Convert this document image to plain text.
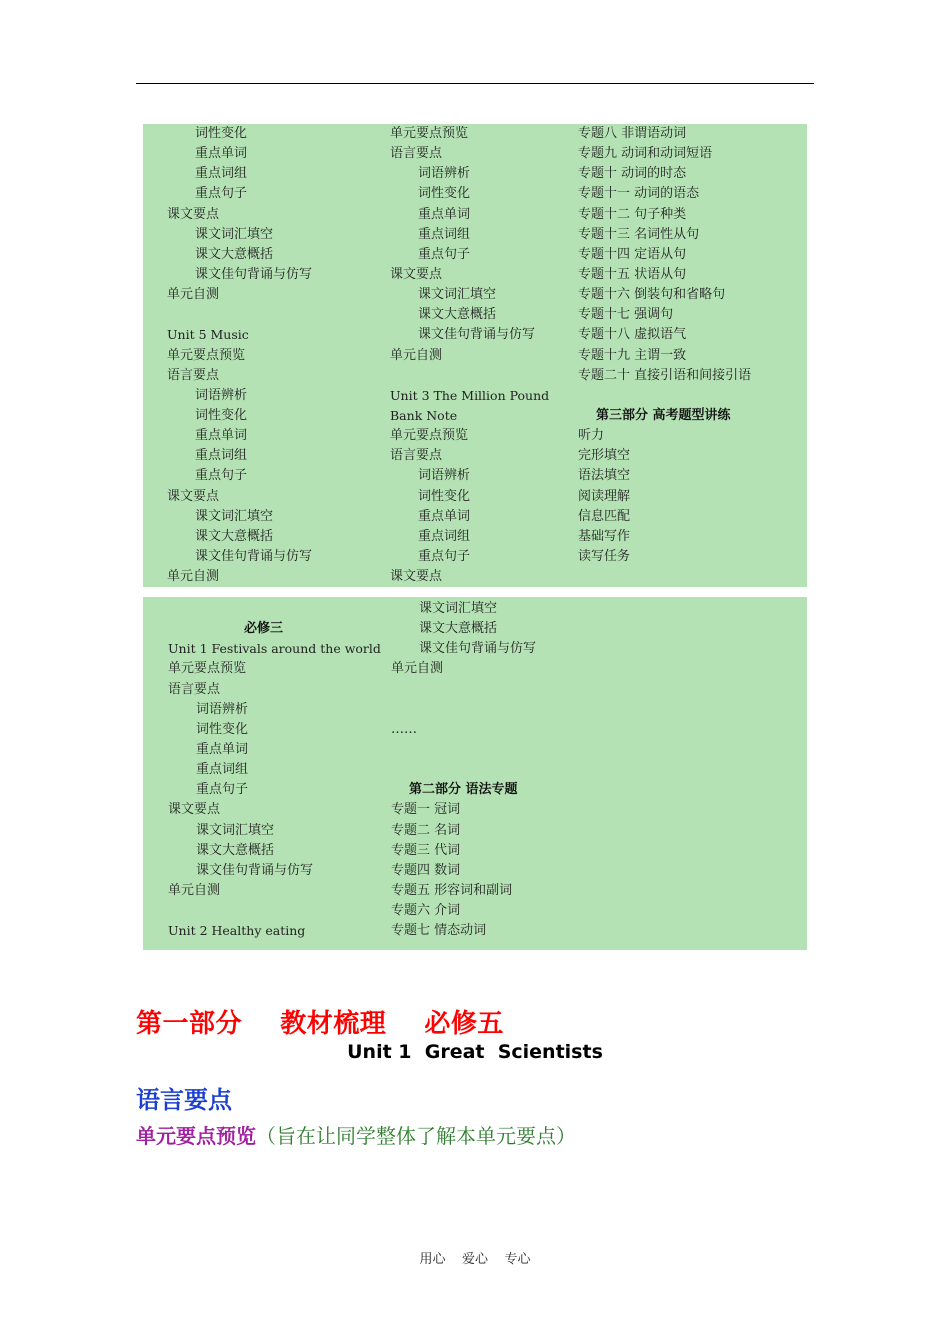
词性变化
重点单词
重点词组
重点句子
课文要点
课文词汇填空
课文大意概括
课文佳句背诵与仿写
单元自测
Unit 5 Music
单元要点预览
语言要点
词语辨析
词性变化
重点单词
重点词组
重点句子
课文要点
课文词汇填空
课文大意概括
课文佳句背诵与仿写
单元自测
单元要点预览
语言要点
词语辨析
词性变化
重点单词
重点词组
重点句子
课文要点
课文词汇填空
课文大意概括
课文佳句背诵与仿写
单元自测
Unit 3 The Million Pound
Bank Note
单元要点预览
语言要点
词语辨析
词性变化
重点单词
重点词组
重点句子
课文要点
专题八 非谓语动词
专题九 动词和动词短语
专题十 动词的时态
专题十一 动词的语态
专题十二 句子种类
专题十三 名词性从句
专题十四 定语从句
专题十五 状语从句
专题十六 倒装句和省略句
专题十七 强调句
专题十八 虚拟语气
专题十九 主谓一致
专题二十 直接引语和间接引语
第三部分 高考题型讲练
听力
完形填空
语法填空
阅读理解
信息匹配
基础写作
读写任务
必修三
Unit 1 Festivals around the world
单元要点预览
语言要点
词语辨析
词性变化
重点单词
重点词组
重点句子
课文要点
课文词汇填空
课文大意概括
课文佳句背诵与仿写
单元自测
Unit 2 Healthy eating
课文词汇填空
课文大意概括
课文佳句背诵与仿写
单元自测
……
第二部分 语法专题
专题一 冠词
专题二 名词
专题三 代词
专题四 数词
专题五 形容词和副词
专题六 介词
专题七 情态动词
第一部分    教材梳理    必修五
Unit 1  Great  Scientists
语言要点
单元要点预览（旨在让同学整体了解本单元要点）
用心    爱心    专心
